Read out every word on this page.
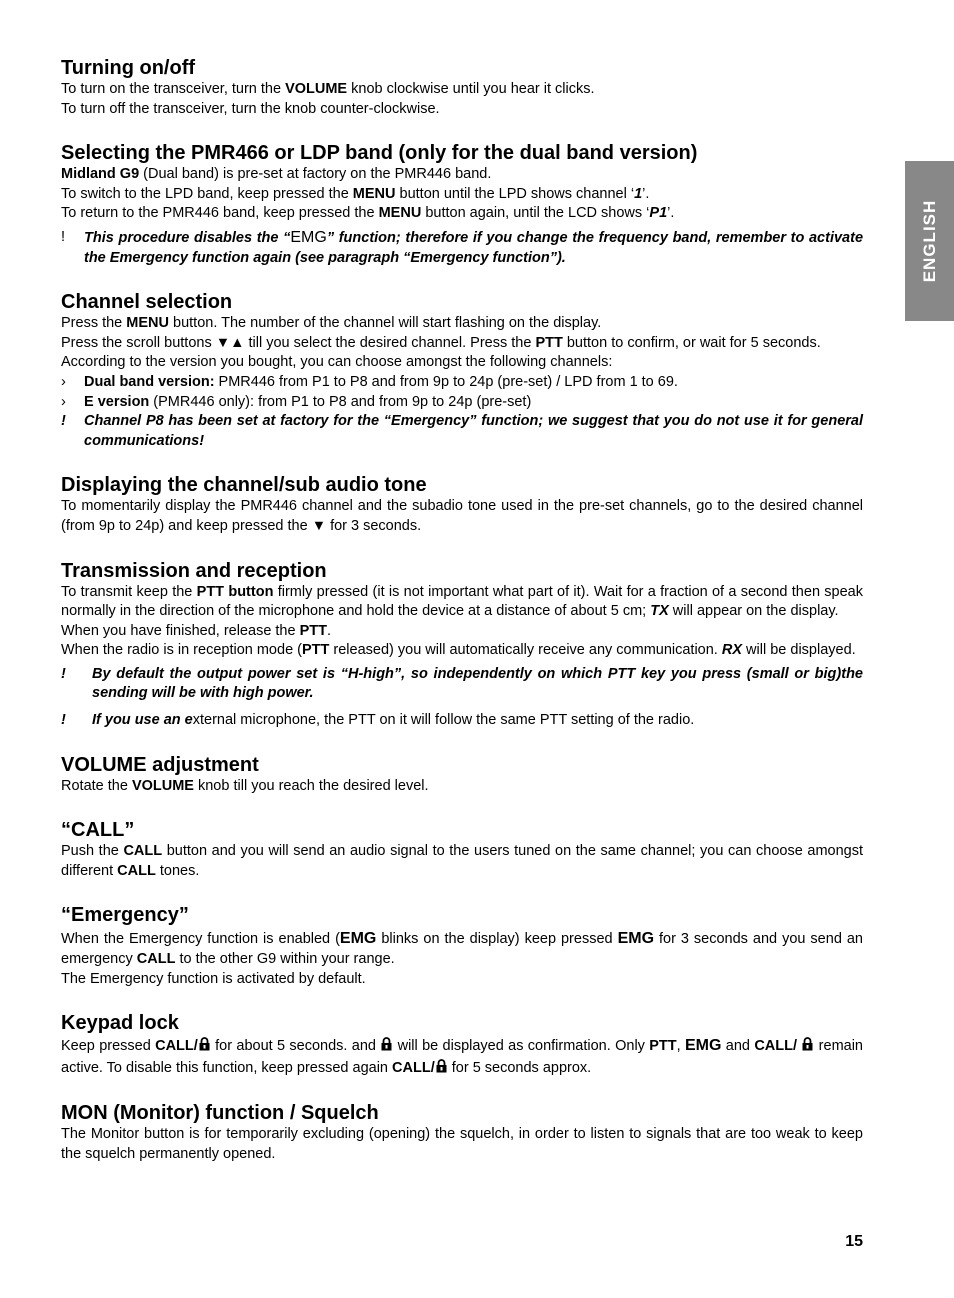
ENGLISH
Turning on/off

To turn on the transceiver, turn the VOLUME knob clockwise until you hear it clicks.

To turn off the transceiver, turn the knob counter-clockwise.

Selecting the PMR466 or LDP band (only for the dual band version)

Midland G9 (Dual band) is pre-set at factory on the PMR446 band.

To switch to the LPD band, keep pressed the MENU button until the LPD shows channel ‘1’.

To return to the PMR446 band, keep pressed the MENU button again, until the LCD shows ‘P1’.

!	This procedure disables the “EMG” function; therefore if you change the frequency band, remember to activate the Emergency function again (see paragraph “Emergency function”).
Channel selection

Press the MENU button. The number of the channel will start flashing on the display.

Press the scroll buttons ▼▲ till you select the desired channel. Press the PTT button to confirm, or wait for 5 seconds.

According to the version you bought, you can choose amongst the following channels:

›	Dual band version: PMR446 from P1 to P8 and from 9p to 24p (pre-set) / LPD from 1 to 69.
›	E version (PMR446 only): from P1 to P8 and from 9p to 24p (pre-set)
!	Channel P8 has been set at factory for the “Emergency” function; we suggest that you do not use it for general communications!
Displaying the channel/sub audio tone

To momentarily display the PMR446 channel and the subadio tone used in the pre-set channels, go to the desired channel (from 9p to 24p) and keep pressed the ▼ for 3 seconds.

Transmission and reception

To transmit keep the PTT button firmly pressed (it is not important what part of it). Wait for a fraction of a second then speak normally in the direction of the microphone and hold the device at a distance of about 5 cm; TX will appear on the display.

When you have finished, release the PTT.

When the radio is in reception mode (PTT released) you will automatically receive any communication. RX will be displayed.

!	By default the output power set is “H-high”, so independently on which PTT key you press (small or big)the sending will be with high power.
!	If you use an external microphone, the PTT on it will follow the same PTT setting of the radio.
VOLUME adjustment

Rotate the VOLUME knob till you reach the desired level.

“CALL”

Push the CALL button and you will send an audio signal to the users tuned on the same channel; you can choose amongst different CALL tones.

“Emergency”

When the Emergency function is enabled (EMG blinks on the display) keep pressed EMG for 3 seconds and you send an emergency CALL to the other G9 within your range.

The Emergency function is activated by default.

Keypad lock

Keep pressed CALL/ for about 5 seconds. and  will be displayed as confirmation. Only PTT, EMG and CALL/  remain active. To disable this function, keep pressed again CALL/ for 5 seconds approx.

MON (Monitor) function / Squelch

The Monitor button is for temporarily excluding (opening) the squelch, in order to listen to signals that are too weak to keep the squelch permanently opened.

15
